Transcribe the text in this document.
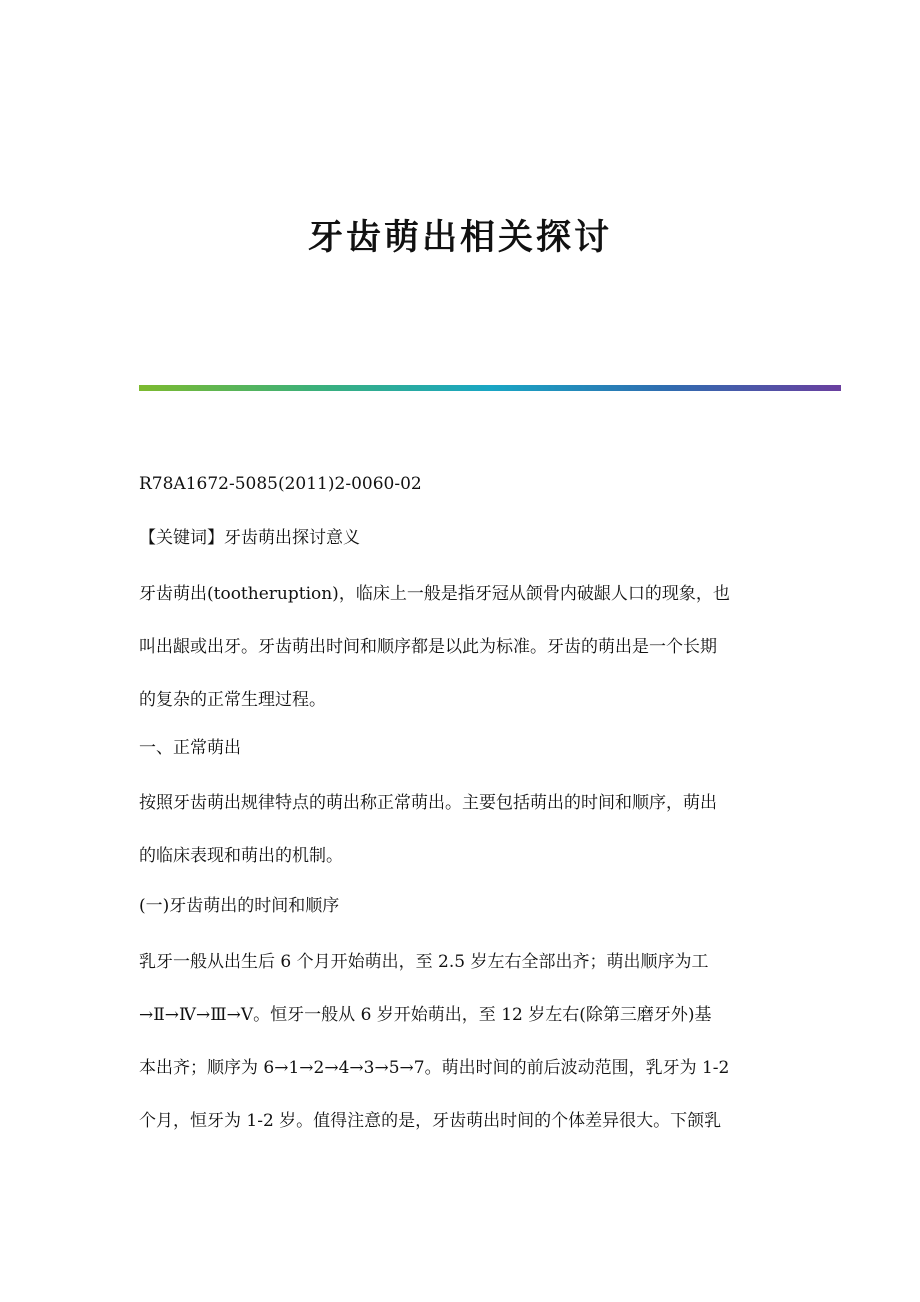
牙齿萌出相关探讨

R78A1672-5085(2011)2-0060-02

【关键词】牙齿萌出探讨意义

牙齿萌出(tootheruption)，临床上一般是指牙冠从颌骨内破龈人口的现象，也
叫出龈或出牙。牙齿萌出时间和顺序都是以此为标准。牙齿的萌出是一个长期
的复杂的正常生理过程。

一、正常萌出

按照牙齿萌出规律特点的萌出称正常萌出。主要包括萌出的时间和顺序，萌出
的临床表现和萌出的机制。

(一)牙齿萌出的时间和顺序

乳牙一般从出生后 6 个月开始萌出，至 2.5 岁左右全部出齐；萌出顺序为工
→Ⅱ→Ⅳ→Ⅲ→V。恒牙一般从 6 岁开始萌出，至 12 岁左右(除第三磨牙外)基
本出齐；顺序为 6→1→2→4→3→5→7。萌出时间的前后波动范围，乳牙为 1-2
个月，恒牙为 1-2 岁。值得注意的是，牙齿萌出时间的个体差异很大。下颌乳
